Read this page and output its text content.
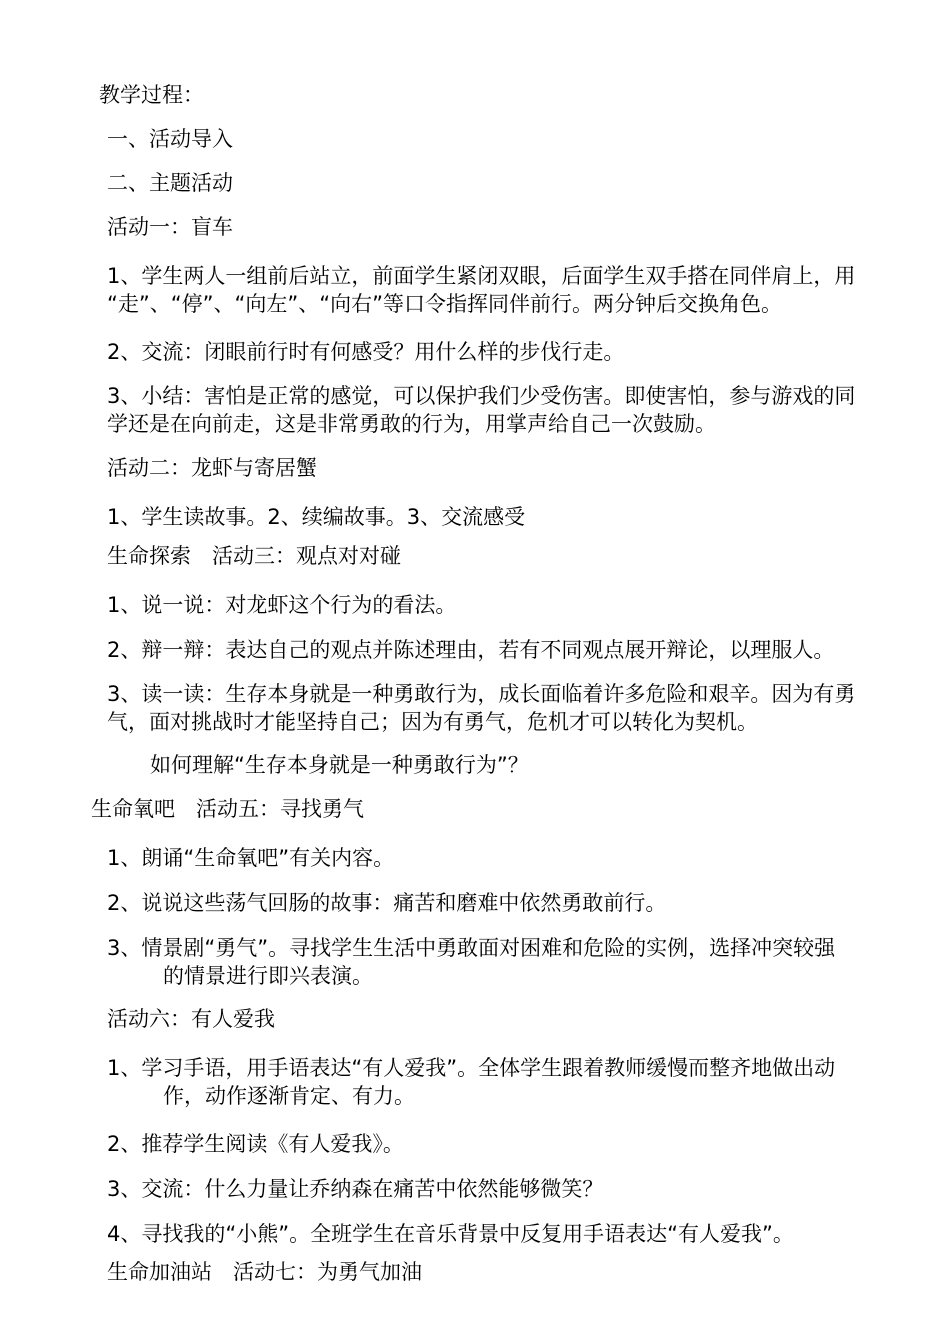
教学过程：
一、活动导入
二、主题活动
活动一：盲车
1、学生两人一组前后站立，前面学生紧闭双眼，后面学生双手搭在同伴肩上，用
“走”、“停”、“向左”、“向右”等口令指挥同伴前行。两分钟后交换角色。
2、交流：闭眼前行时有何感受？用什么样的步伐行走。
3、小结：害怕是正常的感觉，可以保护我们少受伤害。即使害怕，参与游戏的同
学还是在向前走，这是非常勇敢的行为，用掌声给自己一次鼓励。
活动二：龙虾与寄居蟹
1、学生读故事。2、续编故事。3、交流感受
生命探索　活动三：观点对对碰
1、说一说：对龙虾这个行为的看法。
2、辩一辩：表达自己的观点并陈述理由，若有不同观点展开辩论，以理服人。
3、读一读：生存本身就是一种勇敢行为，成长面临着许多危险和艰辛。因为有勇
气，面对挑战时才能坚持自己；因为有勇气，危机才可以转化为契机。
如何理解“生存本身就是一种勇敢行为”？
生命氧吧　活动五：寻找勇气
1、朗诵“生命氧吧”有关内容。
2、说说这些荡气回肠的故事：痛苦和磨难中依然勇敢前行。
3、情景剧“勇气”。寻找学生生活中勇敢面对困难和危险的实例，选择冲突较强
的情景进行即兴表演。
活动六：有人爱我
1、学习手语，用手语表达“有人爱我”。全体学生跟着教师缓慢而整齐地做出动
作，动作逐渐肯定、有力。
2、推荐学生阅读《有人爱我》。
3、交流：什么力量让乔纳森在痛苦中依然能够微笑？
4、寻找我的“小熊”。全班学生在音乐背景中反复用手语表达“有人爱我”。
生命加油站　活动七：为勇气加油
